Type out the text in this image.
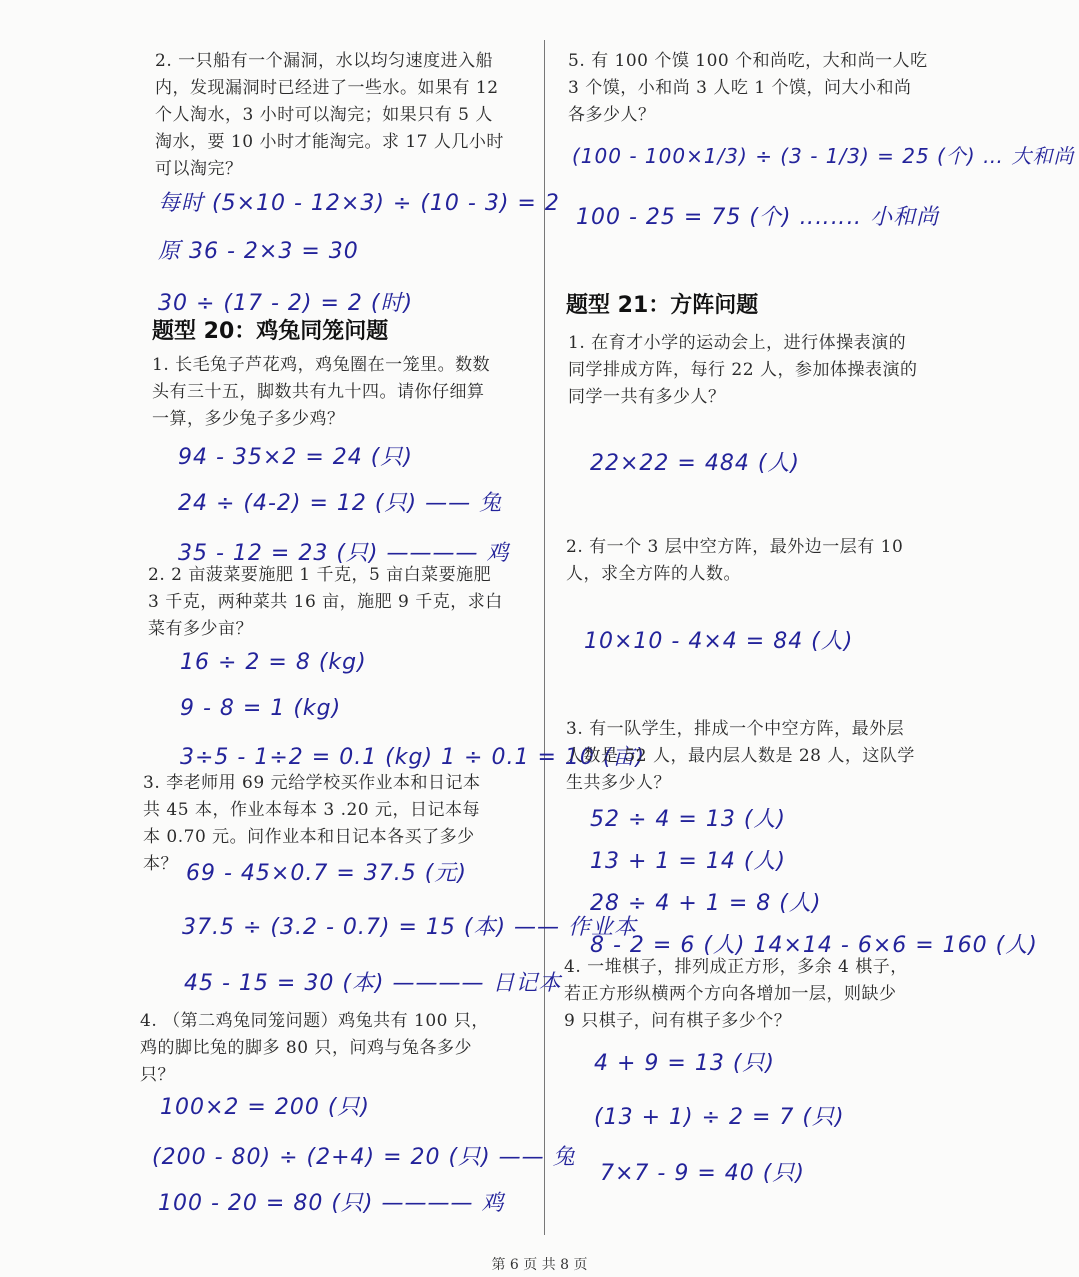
2. 一只船有一个漏洞，水以均匀速度进入船

内，发现漏洞时已经进了一些水。如果有 12

个人淘水，3 小时可以淘完；如果只有 5 人

淘水，要 10 小时才能淘完。求 17 人几小时

可以淘完？

每时 (5×10 - 12×3) ÷ (10 - 3) = 2
原 36 - 2×3 = 30
30 ÷ (17 - 2) = 2 (时)
题型 20：鸡兔同笼问题

1. 长毛兔子芦花鸡，鸡兔圈在一笼里。数数

头有三十五，脚数共有九十四。请你仔细算

一算，多少兔子多少鸡？

94 - 35×2 = 24 (只)
24 ÷ (4-2) = 12 (只) —— 兔
35 - 12 = 23 (只) ———— 鸡

2. 2 亩菠菜要施肥 1 千克，5 亩白菜要施肥

3 千克，两种菜共 16 亩，施肥 9 千克，求白

菜有多少亩？

16 ÷ 2 = 8 (kg)
9 - 8 = 1 (kg)
3÷5 - 1÷2 = 0.1 (kg) 1 ÷ 0.1 = 10 (亩)

3. 李老师用 69 元给学校买作业本和日记本

共 45 本，作业本每本 3 .20 元，日记本每

本 0.70 元。问作业本和日记本各买了多少

本？ 69 - 45×0.7 = 37.5 (元)
37.5 ÷ (3.2 - 0.7) = 15 (本) —— 作业本
45 - 15 = 30 (本) ———— 日记本

4. （第二鸡兔同笼问题）鸡兔共有 100 只，

鸡的脚比兔的脚多 80 只，问鸡与兔各多少

只？

100×2 = 200 (只)
(200 - 80) ÷ (2+4) = 20 (只) —— 兔
100 - 20 = 80 (只) ———— 鸡

5. 有 100 个馍 100 个和尚吃，大和尚一人吃

3 个馍，小和尚 3 人吃 1 个馍，问大小和尚

各多少人？

(100 - 100×1/3) ÷ (3 - 1/3) = 25 (个) … 大和尚
100 - 25 = 75 (个) ‥‥‥‥ 小和尚
题型 21：方阵问题

1. 在育才小学的运动会上，进行体操表演的

同学排成方阵，每行 22 人，参加体操表演的

同学一共有多少人？

22×22 = 484 (人)

2. 有一个 3 层中空方阵，最外边一层有 10

人，求全方阵的人数。

10×10 - 4×4 = 84 (人)

3. 有一队学生，排成一个中空方阵，最外层

人数是 52 人，最内层人数是 28 人，这队学

生共多少人？

52 ÷ 4 = 13 (人)
13 + 1 = 14 (人)
28 ÷ 4 + 1 = 8 (人)
8 - 2 = 6 (人) 14×14 - 6×6 = 160 (人)

4. 一堆棋子，排列成正方形，多余 4 棋子，

若正方形纵横两个方向各增加一层，则缺少

9 只棋子，问有棋子多少个？

4 + 9 = 13 (只)
(13 + 1) ÷ 2 = 7 (只)
7×7 - 9 = 40 (只)
第 6 页 共 8 页
